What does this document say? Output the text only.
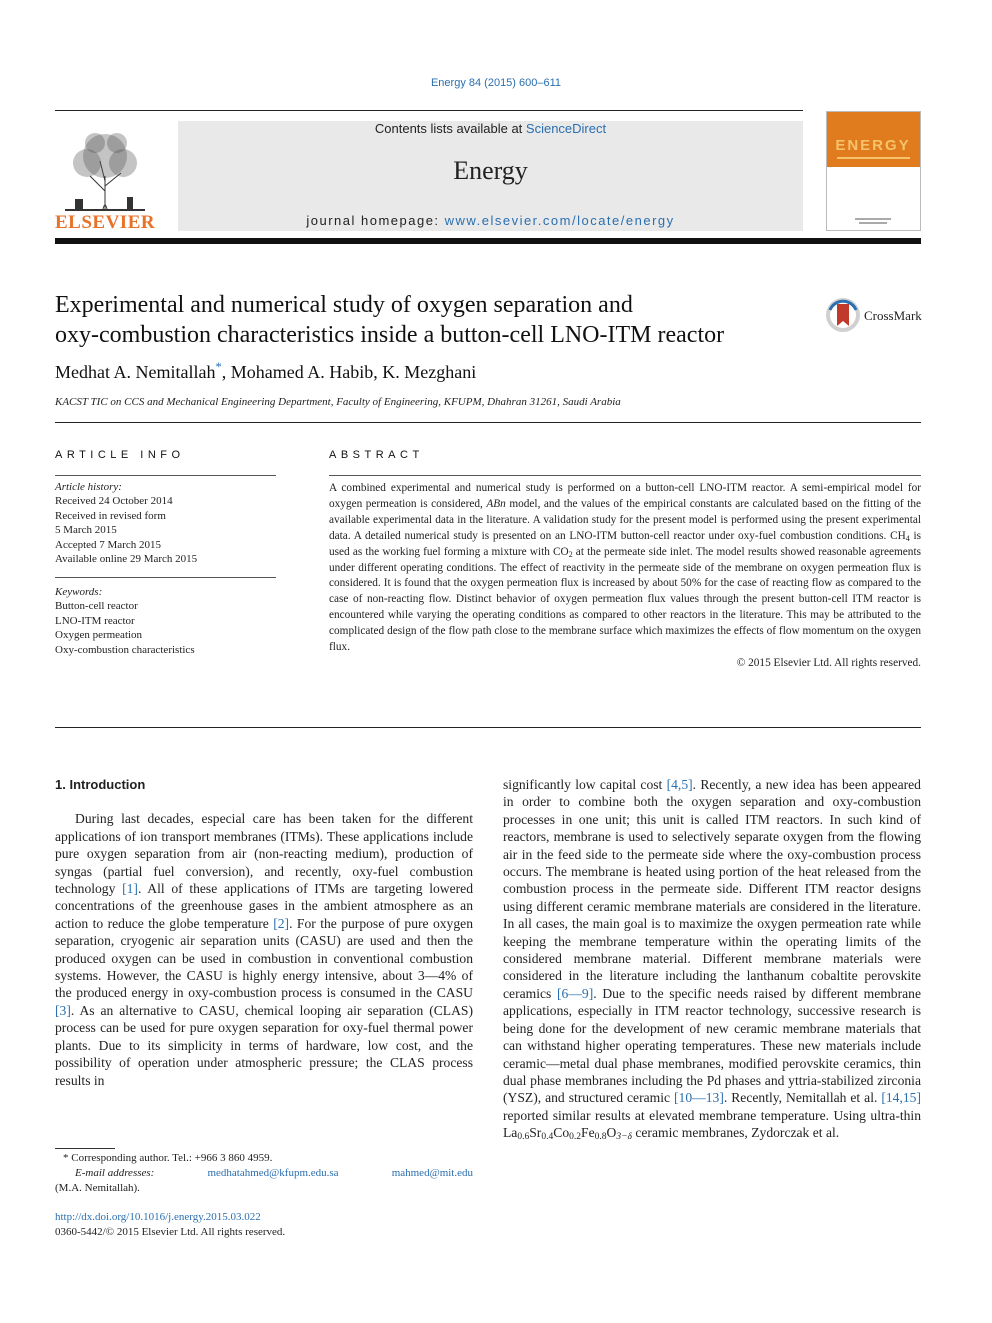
Energy 84 (2015) 600–611
ELSEVIER
Contents lists available at ScienceDirect
Energy
journal homepage: www.elsevier.com/locate/energy
ENERGY
Experimental and numerical study of oxygen separation and
oxy-combustion characteristics inside a button-cell LNO-ITM reactor
CrossMark
Medhat A. Nemitallah*, Mohamed A. Habib, K. Mezghani
KACST TIC on CCS and Mechanical Engineering Department, Faculty of Engineering, KFUPM, Dhahran 31261, Saudi Arabia
ARTICLE INFO
Article history:
Received 24 October 2014
Received in revised form
5 March 2015
Accepted 7 March 2015
Available online 29 March 2015
Keywords:
Button-cell reactor
LNO-ITM reactor
Oxygen permeation
Oxy-combustion characteristics
ABSTRACT
A combined experimental and numerical study is performed on a button-cell LNO-ITM reactor. A semi-empirical model for oxygen permeation is considered, ABn model, and the values of the empirical constants are calculated based on the fitting of the available experimental data in the literature. A validation study for the present model is performed using the present experimental data. A detailed numerical study is presented on an LNO-ITM button-cell reactor under oxy-fuel combustion conditions. $CH_4$ is used as the working fuel forming a mixture with $CO_2$ at the permeate side inlet. The model results showed reasonable agreements under different operating conditions. The effect of reactivity in the permeate side of the membrane on oxygen permeation flux is considered. It is found that the oxygen permeation flux is increased by about 50% for the case of reacting flow as compared to the case of non-reacting flow. Distinct behavior of oxygen permeation flux values through the present button-cell ITM reactor is encountered while varying the operating conditions as compared to other reactors in the literature. This may be attributed to the complicated design of the flow path close to the membrane surface which maximizes the effects of flow momentum on the oxygen flux.
© 2015 Elsevier Ltd. All rights reserved.
1. Introduction
During last decades, especial care has been taken for the different applications of ion transport membranes (ITMs). These applications include pure oxygen separation from air (non-reacting medium), production of syngas (partial fuel conversion), and recently, oxy-fuel combustion technology [1]. All of these applications of ITMs are targeting lowered concentrations of the greenhouse gases in the ambient atmosphere as an action to reduce the globe temperature [2]. For the purpose of pure oxygen separation, cryogenic air separation units (CASU) are used and then the produced oxygen can be used in combustion in conventional combustion systems. However, the CASU is highly energy intensive, about 3—4% of the produced energy in oxy-combustion process is consumed in the CASU [3]. As an alternative to CASU, chemical looping air separation (CLAS) process can be used for pure oxygen separation for oxy-fuel thermal power plants. Due to its simplicity in terms of hardware, low cost, and the possibility of operation under atmospheric pressure; the CLAS process results in
significantly low capital cost [4,5]. Recently, a new idea has been appeared in order to combine both the oxygen separation and oxy-combustion processes in one unit; this unit is called ITM reactors. In such kind of reactors, membrane is used to selectively separate oxygen from the flowing air in the feed side to the permeate side where the oxy-combustion process occurs. The membrane is heated using portion of the heat released from the combustion process in the permeate side. Different ITM reactor designs using different ceramic membrane materials are considered in the literature. In all cases, the main goal is to maximize the oxygen permeation rate while keeping the membrane temperature within the operating limits of the considered membrane material. Different membrane materials were considered in the literature including the lanthanum cobaltite perovskite ceramics [6—9]. Due to the specific needs raised by different membrane applications, especially in ITM reactor technology, successive research is being done for the development of new ceramic membrane materials that can withstand higher operating temperatures. These new materials include ceramic—metal dual phase membranes, modified perovskite ceramics, thin dual phase membranes including the Pd phases and yttria-stabilized zirconia (YSZ), and structured ceramic [10—13]. Recently, Nemitallah et al. [14,15] reported similar results at elevated membrane temperature. Using ultra-thin $La_{0.6}Sr_{0.4}Co_{0.2}Fe_{0.8}O_{3-\delta}$ ceramic membranes, Zydorczak et al.
* Corresponding author. Tel.: +966 3 860 4959.
E-mail addresses:	medhatahmed@kfupm.edu.sa	mahmed@mit.edu
(M.A. Nemitallah).
http://dx.doi.org/10.1016/j.energy.2015.03.022
0360-5442/© 2015 Elsevier Ltd. All rights reserved.
